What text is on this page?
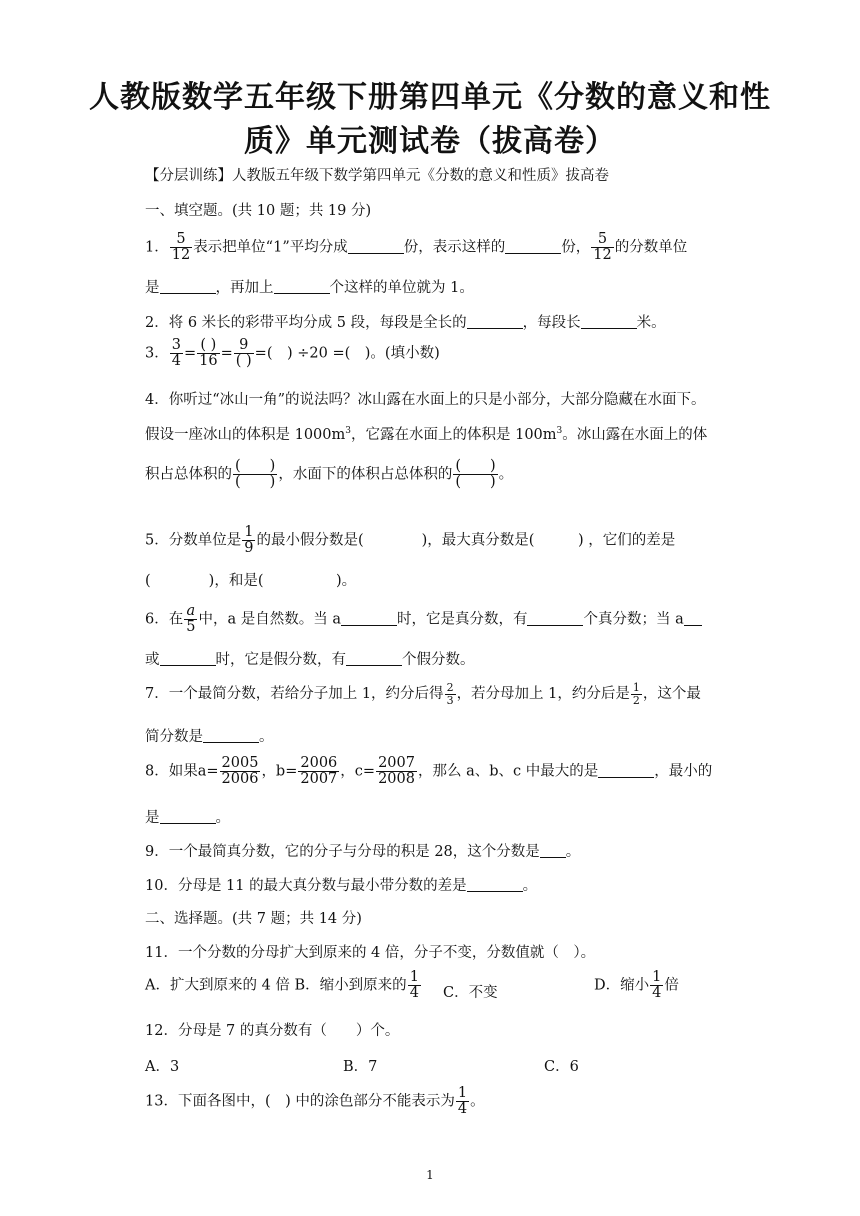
人教版数学五年级下册第四单元《分数的意义和性
质》单元测试卷（拔高卷）
【分层训练】人教版五年级下数学第四单元《分数的意义和性质》拔高卷
一、填空题。(共 10 题；共 19 分)
1． $\frac{5}{12}$ 表示把单位“1”平均分成	份，表示这样的	份， $\frac{5}{12}$ 的分数单位
是	，再加上	个这样的单位就为 1。
2．将 6 米长的彩带平均分成 5 段，每段是全长的	，每段长	米。
3． $\frac{3}{4} = \frac{( )}{16} = \frac{9}{( )}$ =(　) ÷20 =(　)。(填小数)
4．你听过“冰山一角”的说法吗？冰山露在水面上的只是小部分，大部分隐藏在水面下。
假设一座冰山的体积是 $1000m^3$，它露在水面上的体积是 $100m^3$。冰山露在水面上的体
积占总体积的 $\frac{( )}{( )}$ ，水面下的体积占总体积的 $\frac{( )}{( )}$ 。
5．分数单位是 $\frac{1}{9}$ 的最小假分数是(　　　　)，最大真分数是(　　　) ，它们的差是
(　　　　)，和是(　　　　　)。
6．在 $\frac{a}{5}$ 中，a 是自然数。当 a	时，它是真分数，有	个真分数；当 a
或	时，它是假分数，有	个假分数。
7．一个最简分数，若给分子加上 1，约分后得 $\frac{2}{3}$ ，若分母加上 1，约分后是 $\frac{1}{2}$ ，这个最
简分数是	。
8．如果$a= \frac{2005}{2006}$ ，$b= \frac{2006}{2007}$ ，$c= \frac{2007}{2008}$ ，那么 a、b、c 中最大的是	，最小的
是	。
9．一个最简真分数，它的分子与分母的积是 28，这个分数是 。
10．分母是 11 的最大真分数与最小带分数的差是	。
二、选择题。(共 7 题；共 14 分)
11．一个分数的分母扩大到原来的 4 倍，分子不变，分数值就（　）。
A．扩大到原来的 4 倍 B．缩小到原来的 $\frac{1}{4}$ C．不变	D．缩小 $\frac{1}{4}$ 倍
12．分母是 7 的真分数有（　　）个。
A．3	B．7	C．6
13．下面各图中，(　) 中的涂色部分不能表示为 $\frac{1}{4}$ 。
1
